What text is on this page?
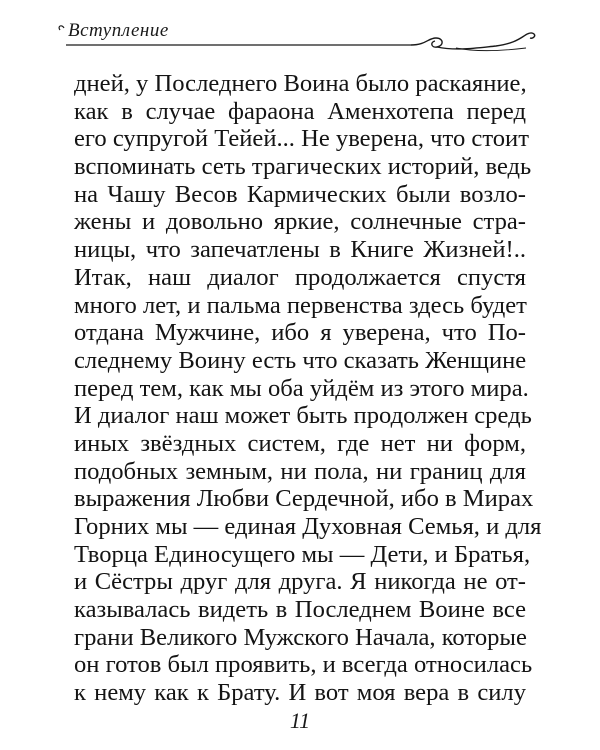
Вступление
дней, у Последнего Воина было раскаяние,
как в случае фараона Аменхотепа перед
его супругой Тейей... Не уверена, что стоит
вспоминать сеть трагических историй, ведь
на Чашу Весов Кармических были возло-
жены и довольно яркие, солнечные стра-
ницы, что запечатлены в Книге Жизней!..
Итак, наш диалог продолжается спустя
много лет, и пальма первенства здесь будет
отдана Мужчине, ибо я уверена, что По-
следнему Воину есть что сказать Женщине
перед тем, как мы оба уйдём из этого мира.
И диалог наш может быть продолжен средь
иных звёздных систем, где нет ни форм,
подобных земным, ни пола, ни границ для
выражения Любви Сердечной, ибо в Мирах
Горних мы — единая Духовная Семья, и для
Творца Единосущего мы — Дети, и Братья,
и Сёстры друг для друга. Я никогда не от-
казывалась видеть в Последнем Воине все
грани Великого Мужского Начала, которые
он готов был проявить, и всегда относилась
к нему как к Брату. И вот моя вера в силу
11
